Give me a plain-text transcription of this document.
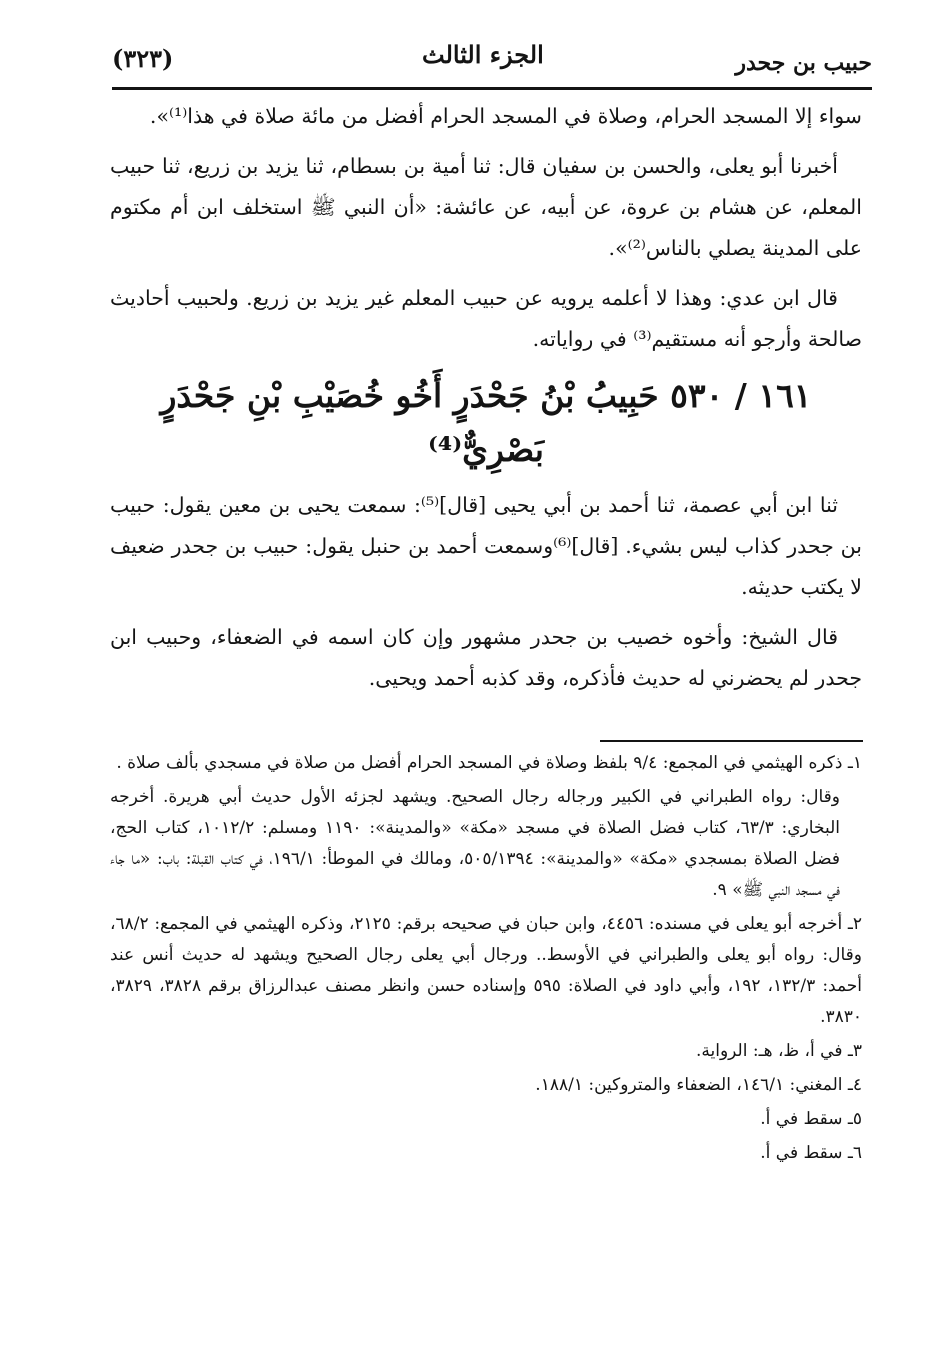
(٣٢٣)	الجزء الثالث	حبيب بن جحدر

سواء إلا المسجد الحرام، وصلاة في المسجد الحرام أفضل من مائة صلاة في هذا⁽¹⁾».

أخبرنا أبو يعلى، والحسن بن سفيان قال: ثنا أمية بن بسطام، ثنا يزيد بن زريع، ثنا حبيب المعلم، عن هشام بن عروة، عن أبيه، عن عائشة: «أن النبي ﷺ استخلف ابن أم مكتوم على المدينة يصلي بالناس⁽²⁾».

قال ابن عدي: وهذا لا أعلمه يرويه عن حبيب المعلم غير يزيد بن زريع. ولحبيب أحاديث صالحة وأرجو أنه مستقيم⁽³⁾ في رواياته.

١٦١ / ٥٣٠ حَبِيبُ بْنُ جَحْدَرٍ أَخُو خُصَيْبِ بْنِ جَحْدَرٍ بَصْرِيٌّ⁽⁴⁾

ثنا ابن أبي عصمة، ثنا أحمد بن أبي يحيى [قال]⁽⁵⁾: سمعت يحيى بن معين يقول: حبيب بن جحدر كذاب ليس بشيء. [قال]⁽⁶⁾وسمعت أحمد بن حنبل يقول: حبيب بن جحدر ضعيف لا يكتب حديثه.

قال الشيخ: وأخوه خصيب بن جحدر مشهور وإن كان اسمه في الضعفاء، وحبيب ابن جحدر لم يحضرني له حديث فأذكره، وقد كذبه أحمد ويحيى.

١ـ ذكره الهيثمي في المجمع: ٩/٤ بلفظ وصلاة في المسجد الحرام أفضل من صلاة في مسجدي بألف صلاة .

وقال: رواه الطبراني في الكبير ورجاله رجال الصحيح. ويشهد لجزئه الأول حديث أبي هريرة. أخرجه البخاري: ٦٣/٣، كتاب فضل الصلاة في مسجد «مكة» «والمدينة»: ١١٩٠ ومسلم: ١٠١٢/٢، كتاب الحج، فضل الصلاة بمسجدي «مكة» «والمدينة»: ٥٠٥/١٣٩٤، ومالك في الموطأ: ١٩٦/١، في كتاب القبلة: باب: «ما جاء في مسجد النبي ﷺ» ٩.

٢ـ أخرجه أبو يعلى في مسنده: ٤٤٥٦، وابن حبان في صحيحه برقم: ٢١٢٥، وذكره الهيثمي في المجمع: ٦٨/٢، وقال: رواه أبو يعلى والطبراني في الأوسط.. ورجال أبي يعلى رجال الصحيح ويشهد له حديث أنس عند أحمد: ١٣٢/٣، ١٩٢، وأبي داود في الصلاة: ٥٩٥ وإسناده حسن وانظر مصنف عبدالرزاق برقم ٣٨٢٨، ٣٨٢٩، ٣٨٣٠.

٣ـ في أ، ظ، هـ: الرواية.

٤ـ المغني: ١٤٦/١، الضعفاء والمتروكين: ١٨٨/١.

٥ـ سقط في أ.

٦ـ سقط في أ.
